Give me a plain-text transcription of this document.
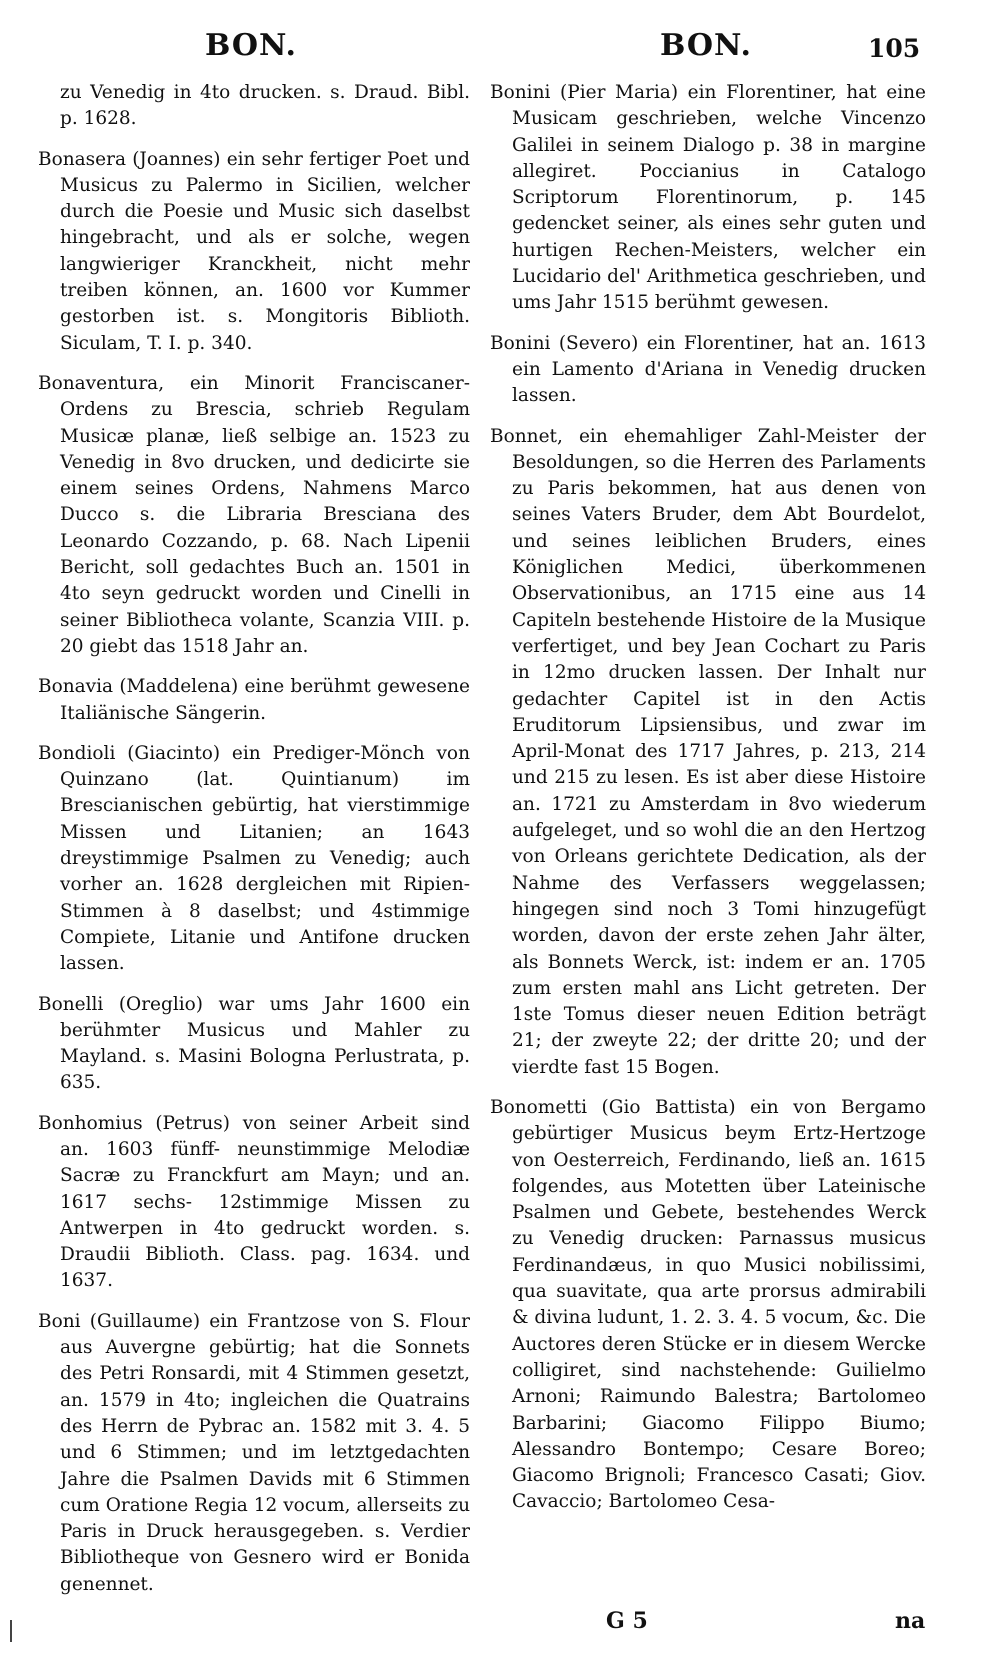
BON.	BON.	105

zu Venedig in 4to drucken. s. Draud. Bibl. p. 1628.

Bonasera (Joannes) ein sehr fertiger Poet und Musicus zu Palermo in Sicilien, welcher durch die Poesie und Music sich daselbst hingebracht, und als er solche, wegen langwieriger Kranckheit, nicht mehr treiben können, an. 1600 vor Kummer gestorben ist. s. Mongitoris Biblioth. Siculam, T. I. p. 340.

Bonaventura, ein Minorit Franciscaner-Ordens zu Brescia, schrieb Regulam Musicæ planæ, ließ selbige an. 1523 zu Venedig in 8vo drucken, und dedicirte sie einem seines Ordens, Nahmens Marco Ducco s. die Libraria Bresciana des Leonardo Cozzando, p. 68. Nach Lipenii Bericht, soll gedachtes Buch an. 1501 in 4to seyn gedruckt worden und Cinelli in seiner Bibliotheca volante, Scanzia VIII. p. 20 giebt das 1518 Jahr an.

Bonavia (Maddelena) eine berühmt gewesene Italiänische Sängerin.

Bondioli (Giacinto) ein Prediger-Mönch von Quinzano (lat. Quintianum) im Brescianischen gebürtig, hat vierstimmige Missen und Litanien; an 1643 dreystimmige Psalmen zu Venedig; auch vorher an. 1628 dergleichen mit Ripien-Stimmen à 8 daselbst; und 4stimmige Compiete, Litanie und Antifone drucken lassen.

Bonelli (Oreglio) war ums Jahr 1600 ein berühmter Musicus und Mahler zu Mayland. s. Masini Bologna Perlustrata, p. 635.

Bonhomius (Petrus) von seiner Arbeit sind an. 1603 fünff- neunstimmige Melodiæ Sacræ zu Franckfurt am Mayn; und an. 1617 sechs- 12stimmige Missen zu Antwerpen in 4to gedruckt worden. s. Draudii Biblioth. Class. pag. 1634. und 1637.

Boni (Guillaume) ein Frantzose von S. Flour aus Auvergne gebürtig; hat die Sonnets des Petri Ronsardi, mit 4 Stimmen gesetzt, an. 1579 in 4to; ingleichen die Quatrains des Herrn de Pybrac an. 1582 mit 3. 4. 5 und 6 Stimmen; und im letztgedachten Jahre die Psalmen Davids mit 6 Stimmen cum Oratione Regia 12 vocum, allerseits zu Paris in Druck herausgegeben. s. Verdier Bibliotheque von Gesnero wird er Bonida genennet.

Bonini (Pier Maria) ein Florentiner, hat eine Musicam geschrieben, welche Vincenzo Galilei in seinem Dialogo p. 38 in margine allegiret. Poccianius in Catalogo Scriptorum Florentinorum, p. 145 gedencket seiner, als eines sehr guten und hurtigen Rechen-Meisters, welcher ein Lucidario del' Arithmetica geschrieben, und ums Jahr 1515 berühmt gewesen.

Bonini (Severo) ein Florentiner, hat an. 1613 ein Lamento d'Ariana in Venedig drucken lassen.

Bonnet, ein ehemahliger Zahl-Meister der Besoldungen, so die Herren des Parlaments zu Paris bekommen, hat aus denen von seines Vaters Bruder, dem Abt Bourdelot, und seines leiblichen Bruders, eines Königlichen Medici, überkommenen Observationibus, an 1715 eine aus 14 Capiteln bestehende Histoire de la Musique verfertiget, und bey Jean Cochart zu Paris in 12mo drucken lassen. Der Inhalt nur gedachter Capitel ist in den Actis Eruditorum Lipsiensibus, und zwar im April-Monat des 1717 Jahres, p. 213, 214 und 215 zu lesen. Es ist aber diese Histoire an. 1721 zu Amsterdam in 8vo wiederum aufgeleget, und so wohl die an den Hertzog von Orleans gerichtete Dedication, als der Nahme des Verfassers weggelassen; hingegen sind noch 3 Tomi hinzugefügt worden, davon der erste zehen Jahr älter, als Bonnets Werck, ist: indem er an. 1705 zum ersten mahl ans Licht getreten. Der 1ste Tomus dieser neuen Edition beträgt 21; der zweyte 22; der dritte 20; und der vierdte fast 15 Bogen.

Bonometti (Gio Battista) ein von Bergamo gebürtiger Musicus beym Ertz-Hertzoge von Oesterreich, Ferdinando, ließ an. 1615 folgendes, aus Motetten über Lateinische Psalmen und Gebete, bestehendes Werck zu Venedig drucken: Parnassus musicus Ferdinandæus, in quo Musici nobilissimi, qua suavitate, qua arte prorsus admirabili & divina ludunt, 1. 2. 3. 4. 5 vocum, &c. Die Auctores deren Stücke er in diesem Wercke colligiret, sind nachstehende: Guilielmo Arnoni; Raimundo Balestra; Bartolomeo Barbarini; Giacomo Filippo Biumo; Alessandro Bontempo; Cesare Boreo; Giacomo Brignoli; Francesco Casati; Giov. Cavaccio; Bartolomeo Cesa-

G 5	na
